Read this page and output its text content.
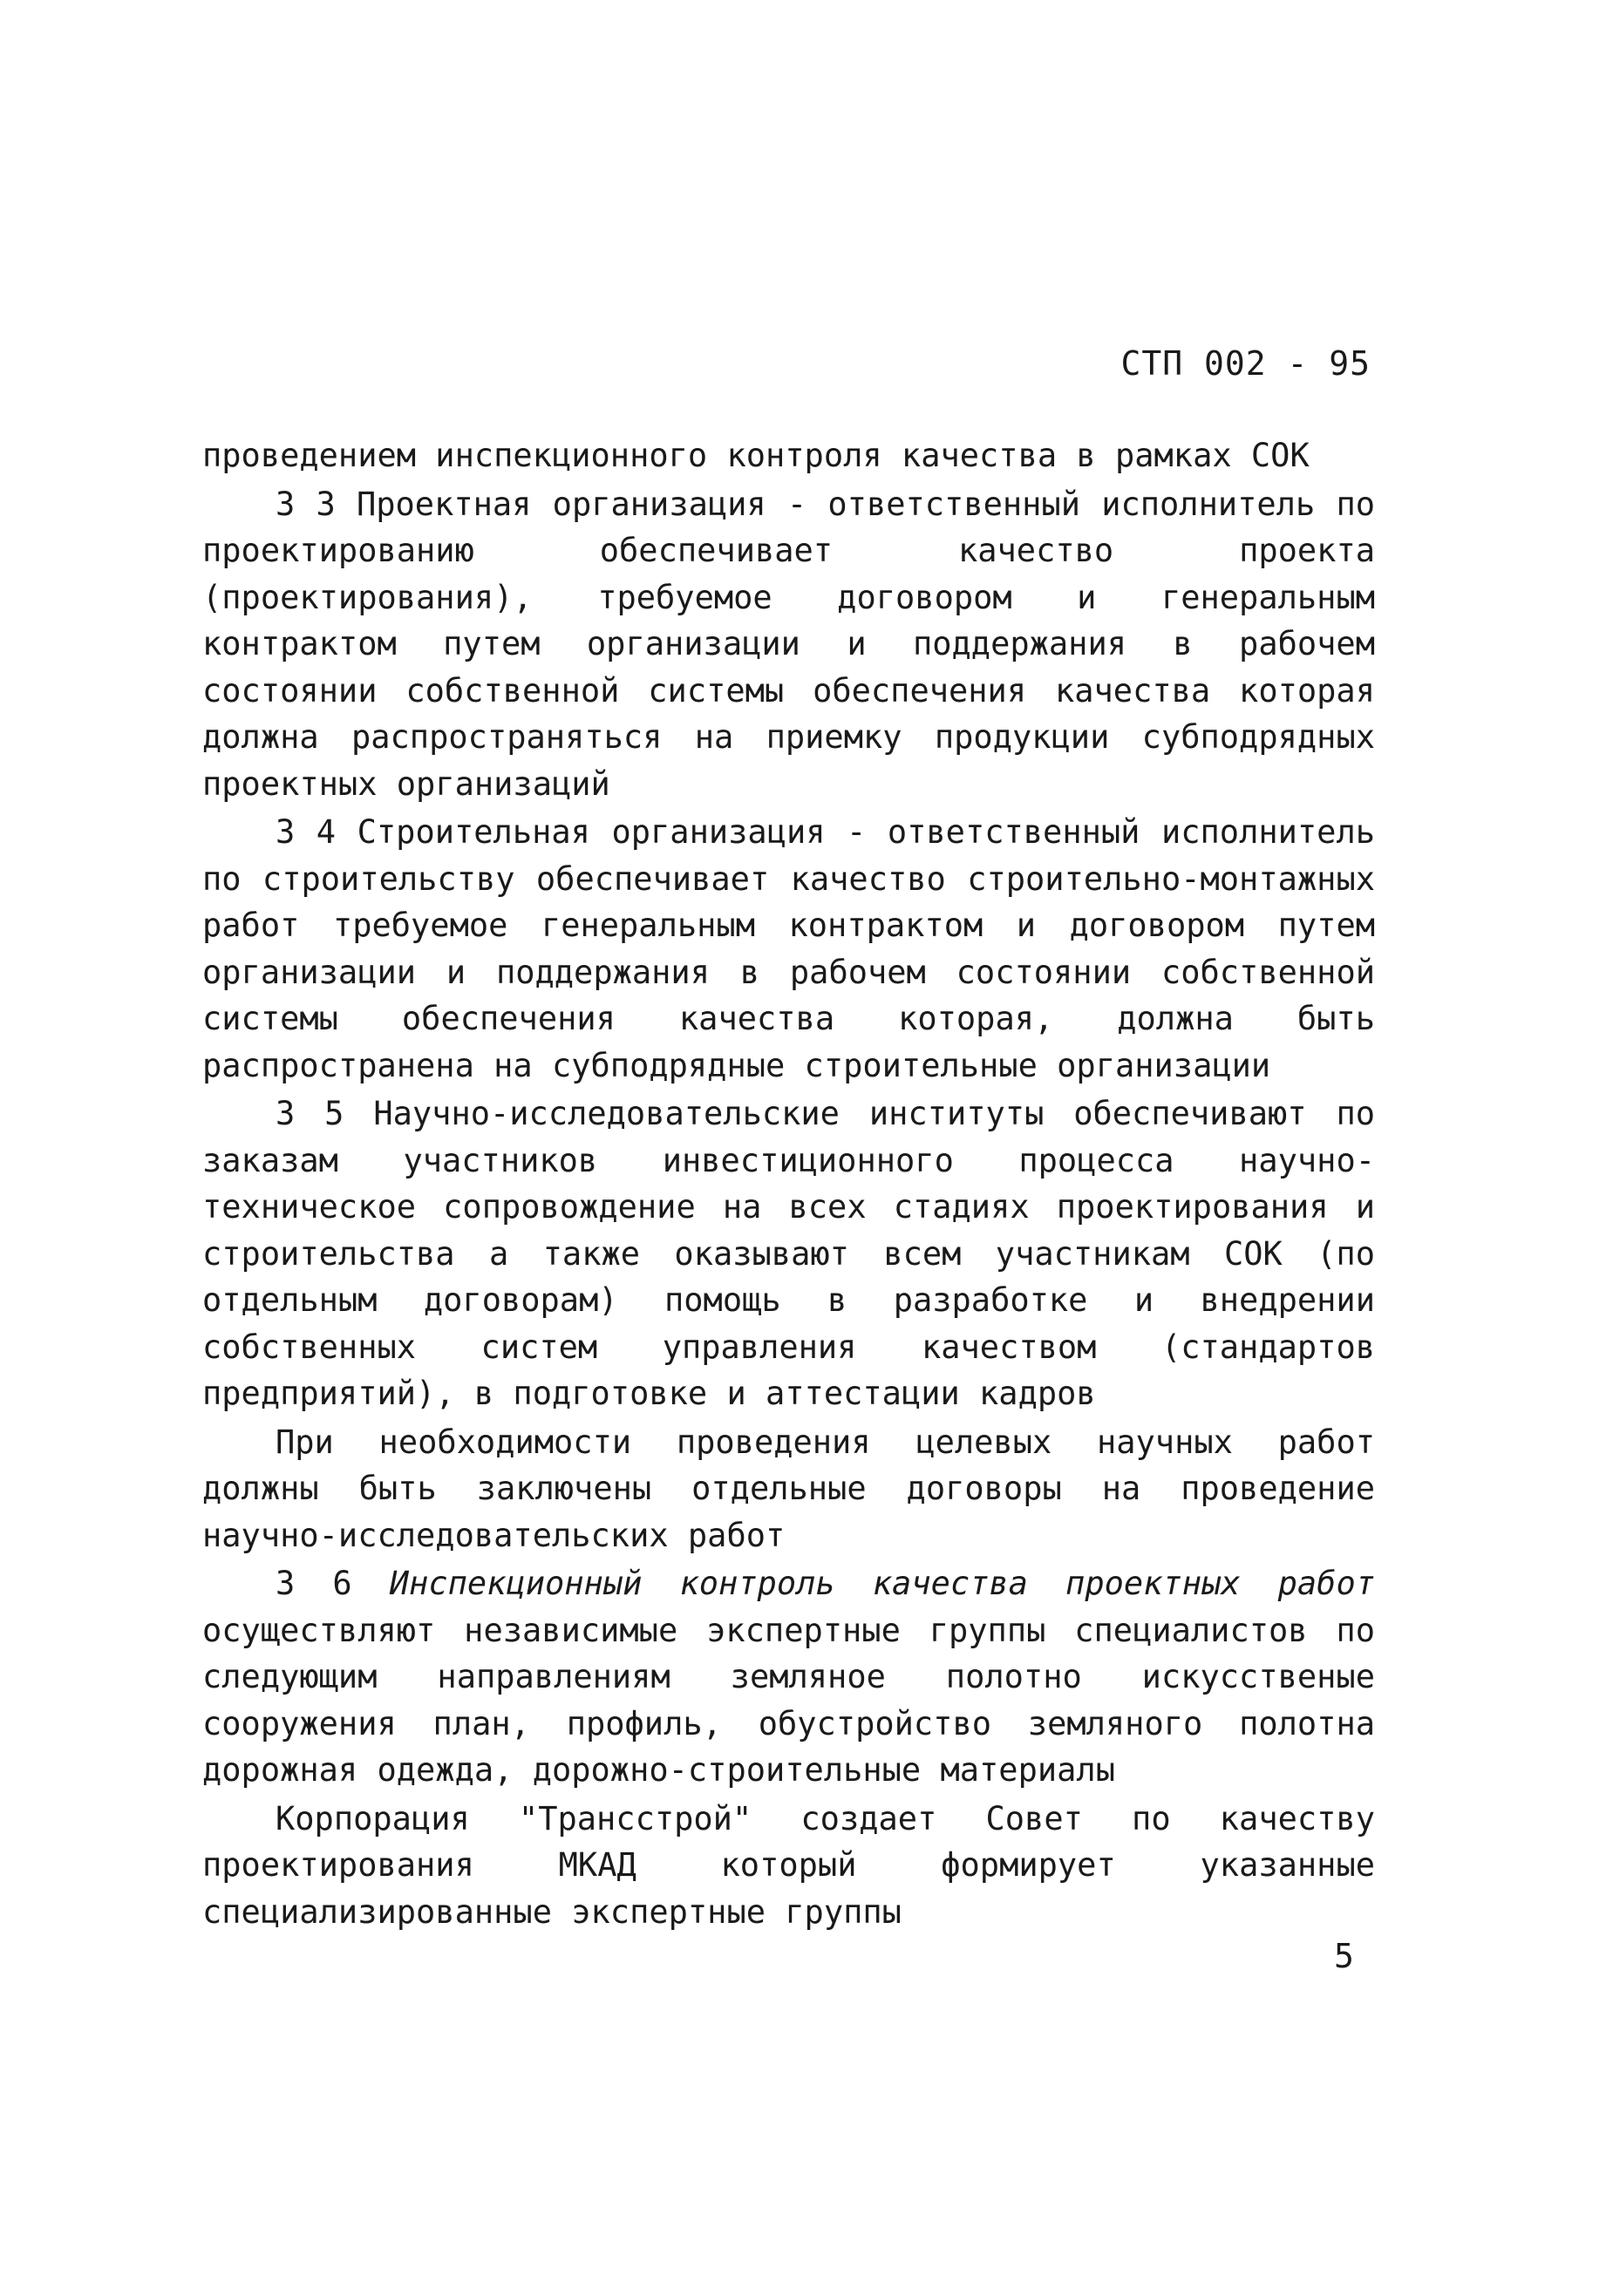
СТП 002 - 95

проведением инспекционного контроля качества в рамках СОК

3 3 Проектная организация - ответственный исполнитель по проектированию обеспечивает качество проекта (проектирования), требуемое договором и генеральным контрактом путем организации и поддержания в рабочем состоянии собственной системы обеспечения качества которая должна распространяться на приемку продукции субподрядных проектных организаций

3 4 Строительная организация - ответственный исполнитель по строительству обеспечивает качество строительно-монтажных работ требуемое генеральным контрактом и договором путем организации и поддержания в рабочем состоянии собственной системы обеспечения качества которая, должна быть распространена на субподрядные строительные организации

3 5 Научно-исследовательские институты обеспечивают по заказам участников инвестиционного процесса научно-техническое сопровождение на всех стадиях проектирования и строительства а также оказывают всем участникам СОК (по отдельным договорам) помощь в разработке и внедрении собственных систем управления качеством (стандартов предприятий), в подготовке и аттестации кадров

При необходимости проведения целевых научных работ должны быть заключены отдельные договоры на проведение научно-исследовательских работ

3 6 Инспекционный контроль качества проектных работ осуществляют независимые экспертные группы специалистов по следующим направлениям земляное полотно искусственые сооружения план, профиль, обустройство земляного полотна дорожная одежда, дорожно-строительные материалы

Корпорация "Трансстрой" создает Совет по качеству проектирования МКАД который формирует указанные специализированные экспертные группы

5
